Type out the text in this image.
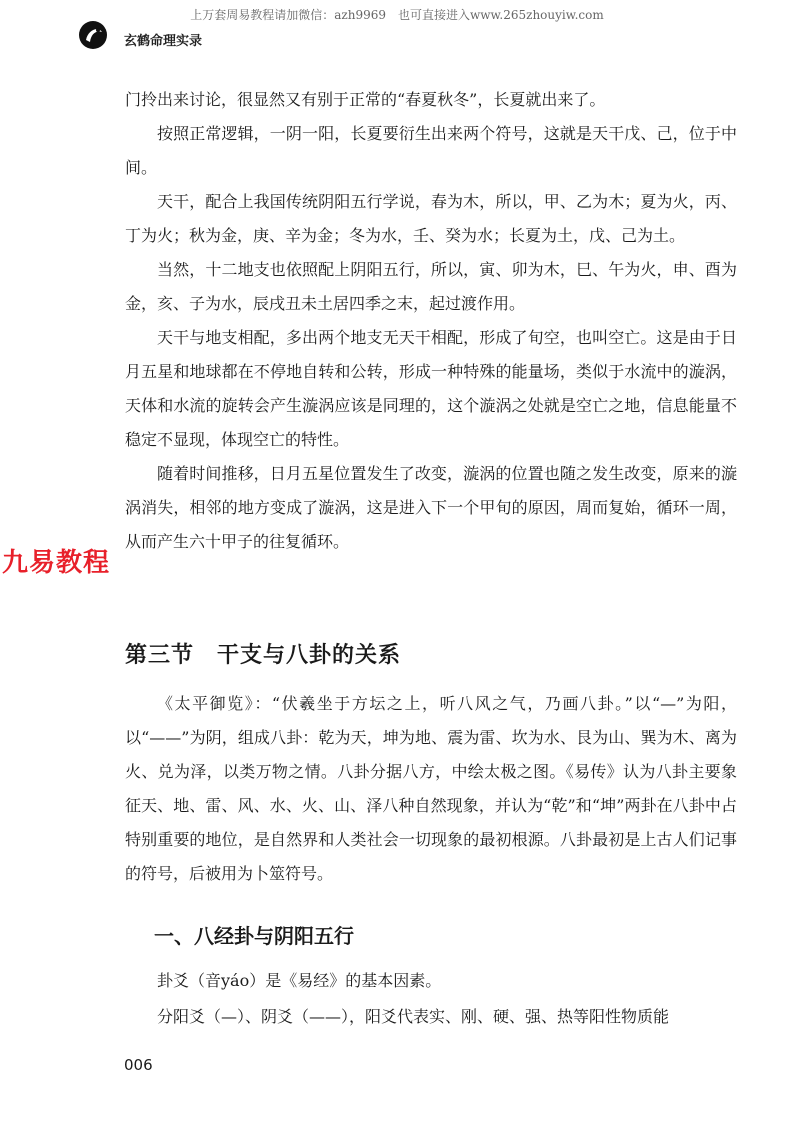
上万套周易教程请加微信：azh9969　也可直接进入www.265zhouyiw.com
玄鹤命理实录

门拎出来讨论，很显然又有别于正常的“春夏秋冬”，长夏就出来了。

按照正常逻辑，一阴一阳，长夏要衍生出来两个符号，这就是天干戊、己，位于中间。

天干，配合上我国传统阴阳五行学说，春为木，所以，甲、乙为木；夏为火，丙、丁为火；秋为金，庚、辛为金；冬为水，壬、癸为水；长夏为土，戊、己为土。

当然，十二地支也依照配上阴阳五行，所以，寅、卯为木，巳、午为火，申、酉为金，亥、子为水，辰戌丑未土居四季之末，起过渡作用。

天干与地支相配，多出两个地支无天干相配，形成了旬空，也叫空亡。这是由于日月五星和地球都在不停地自转和公转，形成一种特殊的能量场，类似于水流中的漩涡，天体和水流的旋转会产生漩涡应该是同理的，这个漩涡之处就是空亡之地，信息能量不稳定不显现，体现空亡的特性。

随着时间推移，日月五星位置发生了改变，漩涡的位置也随之发生改变，原来的漩涡消失，相邻的地方变成了漩涡，这是进入下一个甲旬的原因，周而复始，循环一周，从而产生六十甲子的往复循环。

九易教程
第三节　干支与八卦的关系

《太平御览》：“伏羲坐于方坛之上，听八风之气，乃画八卦。”以“—”为阳，以“——”为阴，组成八卦：乾为天，坤为地、震为雷、坎为水、艮为山、巽为木、离为火、兑为泽，以类万物之情。八卦分据八方，中绘太极之图。《易传》认为八卦主要象征天、地、雷、风、水、火、山、泽八种自然现象，并认为“乾”和“坤”两卦在八卦中占特别重要的地位，是自然界和人类社会一切现象的最初根源。八卦最初是上古人们记事的符号，后被用为卜筮符号。

一、八经卦与阴阳五行

卦爻（音yáo）是《易经》的基本因素。

分阳爻（—）、阴爻（——），阳爻代表实、刚、硬、强、热等阳性物质能

006
